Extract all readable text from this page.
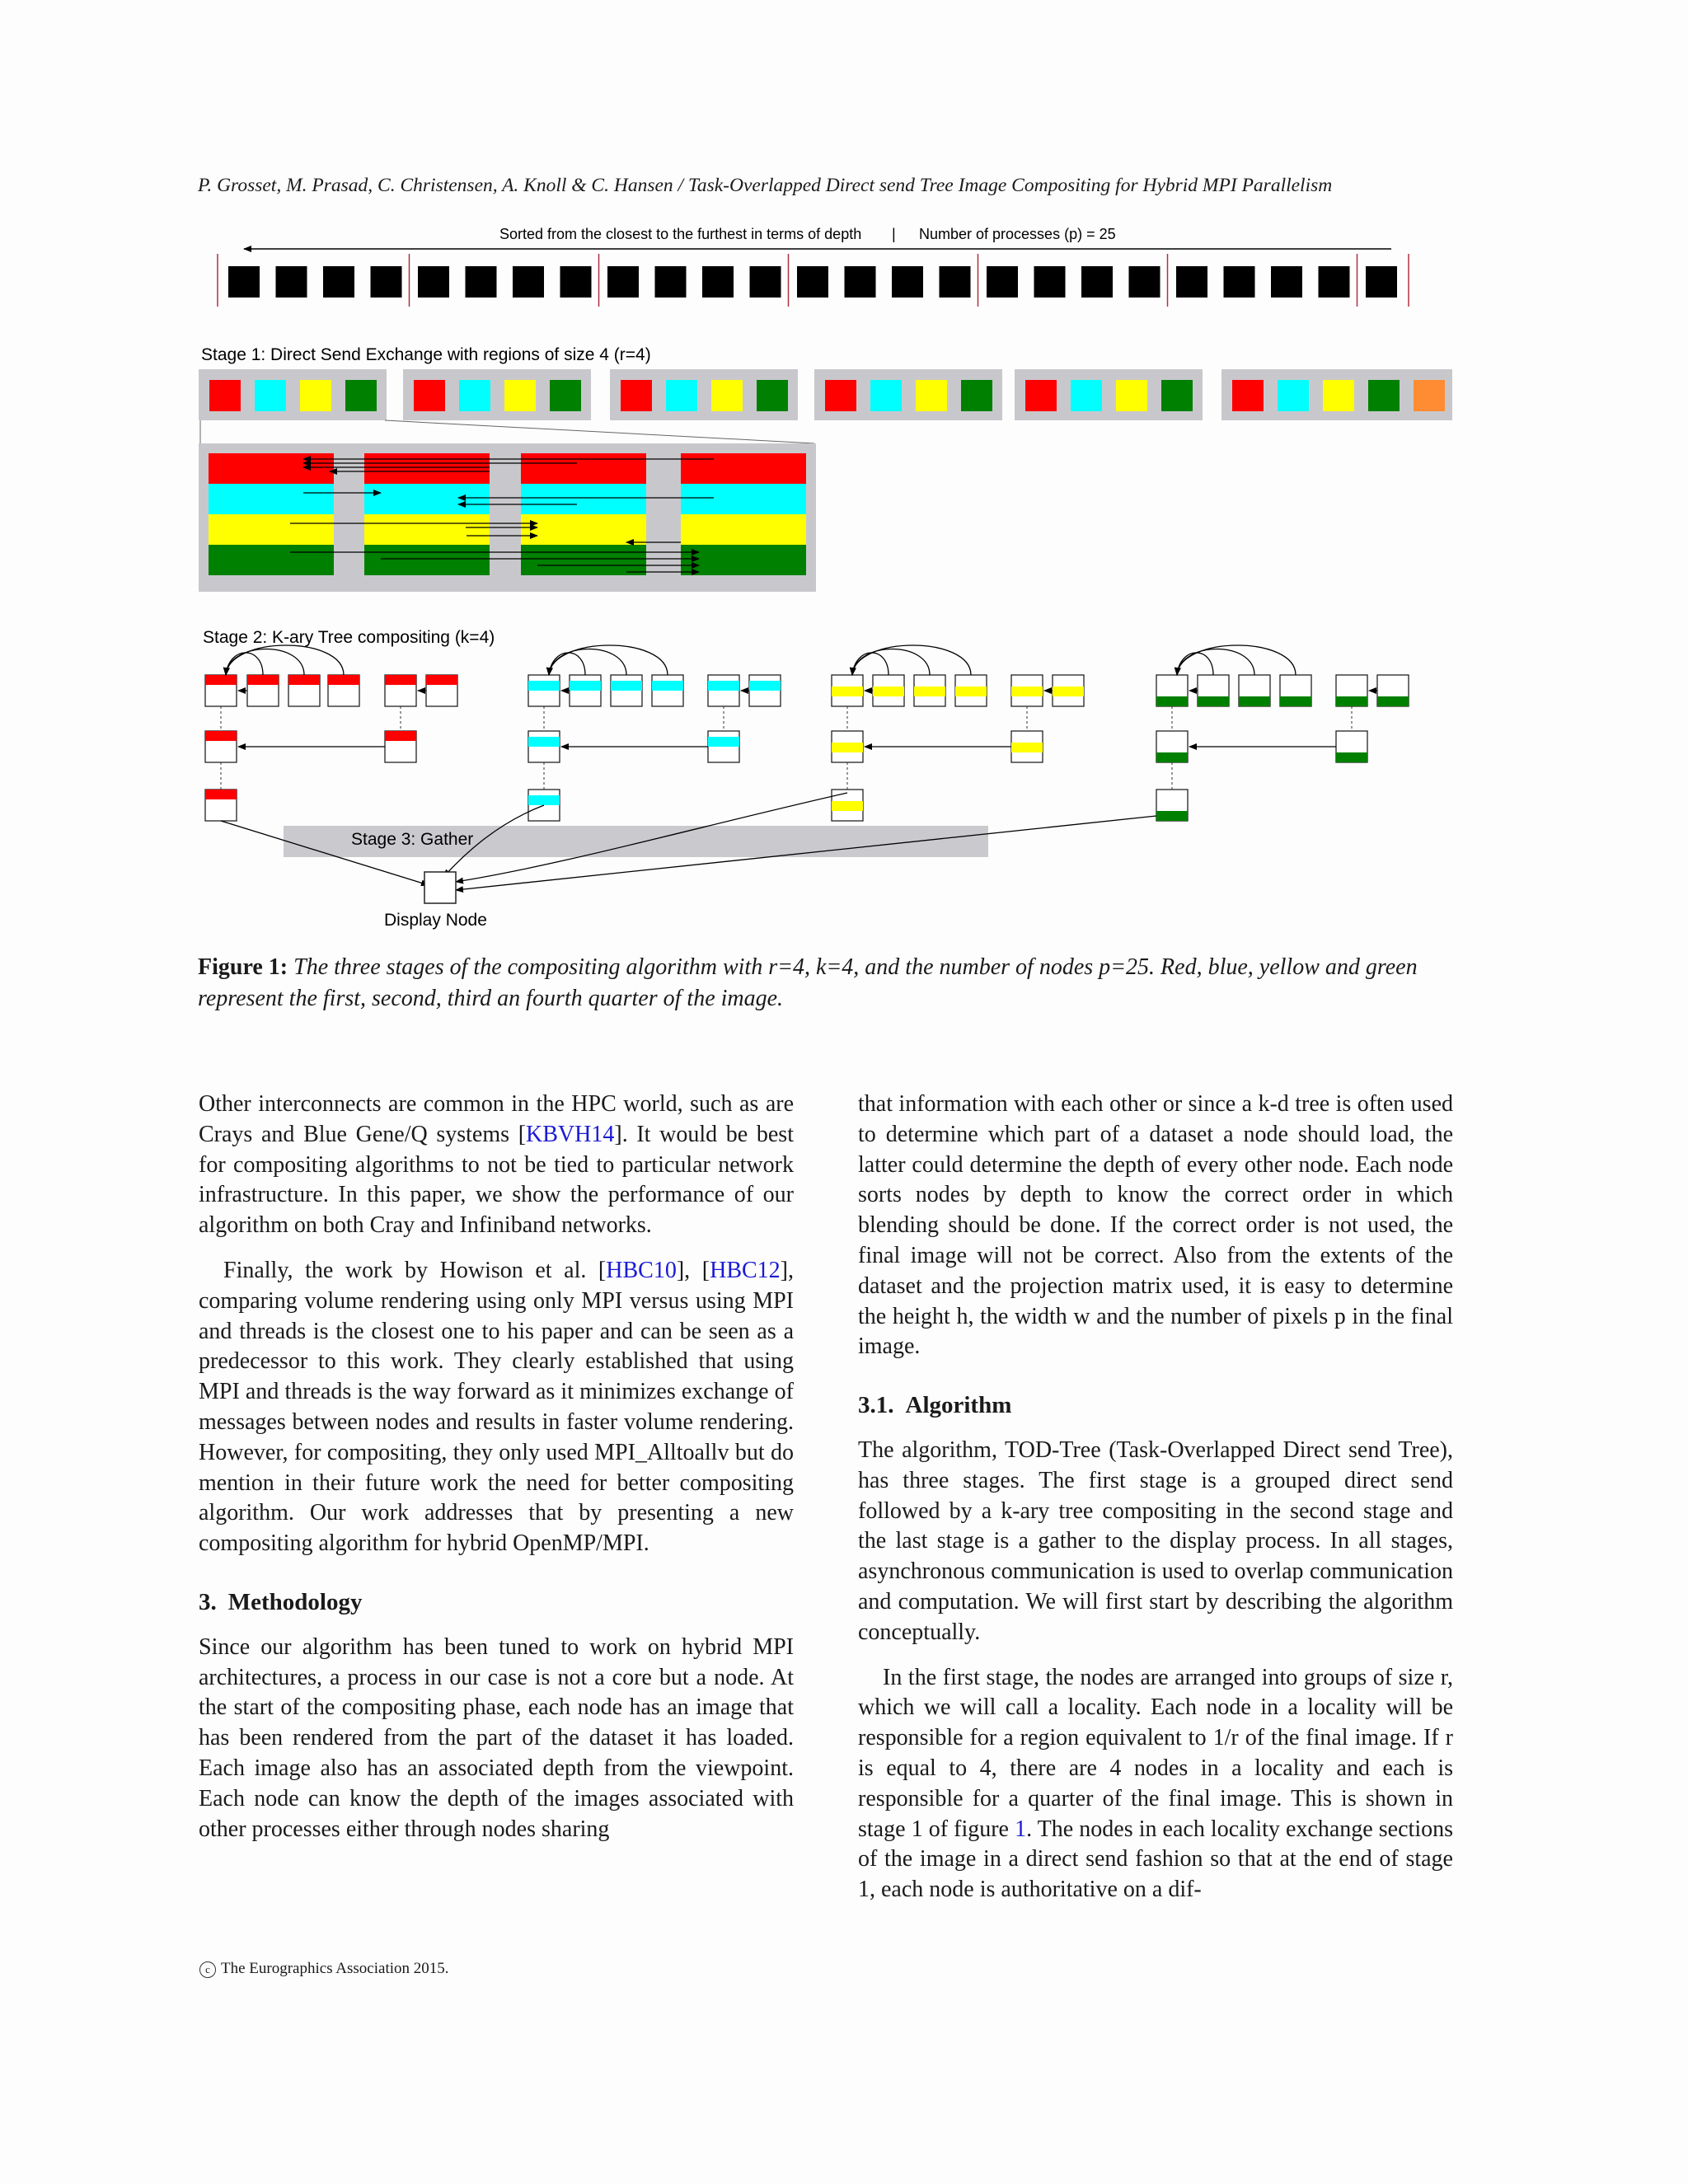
P. Grosset, M. Prasad, C. Christensen, A. Knoll & C. Hansen / Task-Overlapped Direct send Tree Image Compositing for Hybrid MPI Parallelism
Sorted from the closest to the furthest in terms of depth | Number of processes (p) = 25
Stage 1: Direct Send Exchange with regions of size 4 (r=4)
Stage 2: K-ary Tree compositing (k=4)
Stage 3: Gather
Display Node
Figure 1: The three stages of the compositing algorithm with r=4, k=4, and the number of nodes p=25. Red, blue, yellow and green represent the first, second, third an fourth quarter of the image.

Other interconnects are common in the HPC world, such as are Crays and Blue Gene/Q systems [KBVH14]. It would be best for compositing algorithms to not be tied to particular network infrastructure. In this paper, we show the performance of our algorithm on both Cray and Infiniband networks.

Finally, the work by Howison et al. [HBC10], [HBC12], comparing volume rendering using only MPI versus using MPI and threads is the closest one to his paper and can be seen as a predecessor to this work. They clearly established that using MPI and threads is the way forward as it minimizes exchange of messages between nodes and results in faster volume rendering. However, for compositing, they only used MPI_Alltoallv but do mention in their future work the need for better compositing algorithm. Our work addresses that by presenting a new compositing algorithm for hybrid OpenMP/MPI.

3. Methodology

Since our algorithm has been tuned to work on hybrid MPI architectures, a process in our case is not a core but a node. At the start of the compositing phase, each node has an image that has been rendered from the part of the dataset it has loaded. Each image also has an associated depth from the viewpoint. Each node can know the depth of the images associated with other processes either through nodes sharing

that information with each other or since a k-d tree is often used to determine which part of a dataset a node should load, the latter could determine the depth of every other node. Each node sorts nodes by depth to know the correct order in which blending should be done. If the correct order is not used, the final image will not be correct. Also from the extents of the dataset and the projection matrix used, it is easy to determine the height h, the width w and the number of pixels p in the final image.

3.1. Algorithm

The algorithm, TOD-Tree (Task-Overlapped Direct send Tree), has three stages. The first stage is a grouped direct send followed by a k-ary tree compositing in the second stage and the last stage is a gather to the display process. In all stages, asynchronous communication is used to overlap communication and computation. We will first start by describing the algorithm conceptually.

In the first stage, the nodes are arranged into groups of size r, which we will call a locality. Each node in a locality will be responsible for a region equivalent to 1/r of the final image. If r is equal to 4, there are 4 nodes in a locality and each is responsible for a quarter of the final image. This is shown in stage 1 of figure 1. The nodes in each locality exchange sections of the image in a direct send fashion so that at the end of stage 1, each node is authoritative on a dif-

c The Eurographics Association 2015.
